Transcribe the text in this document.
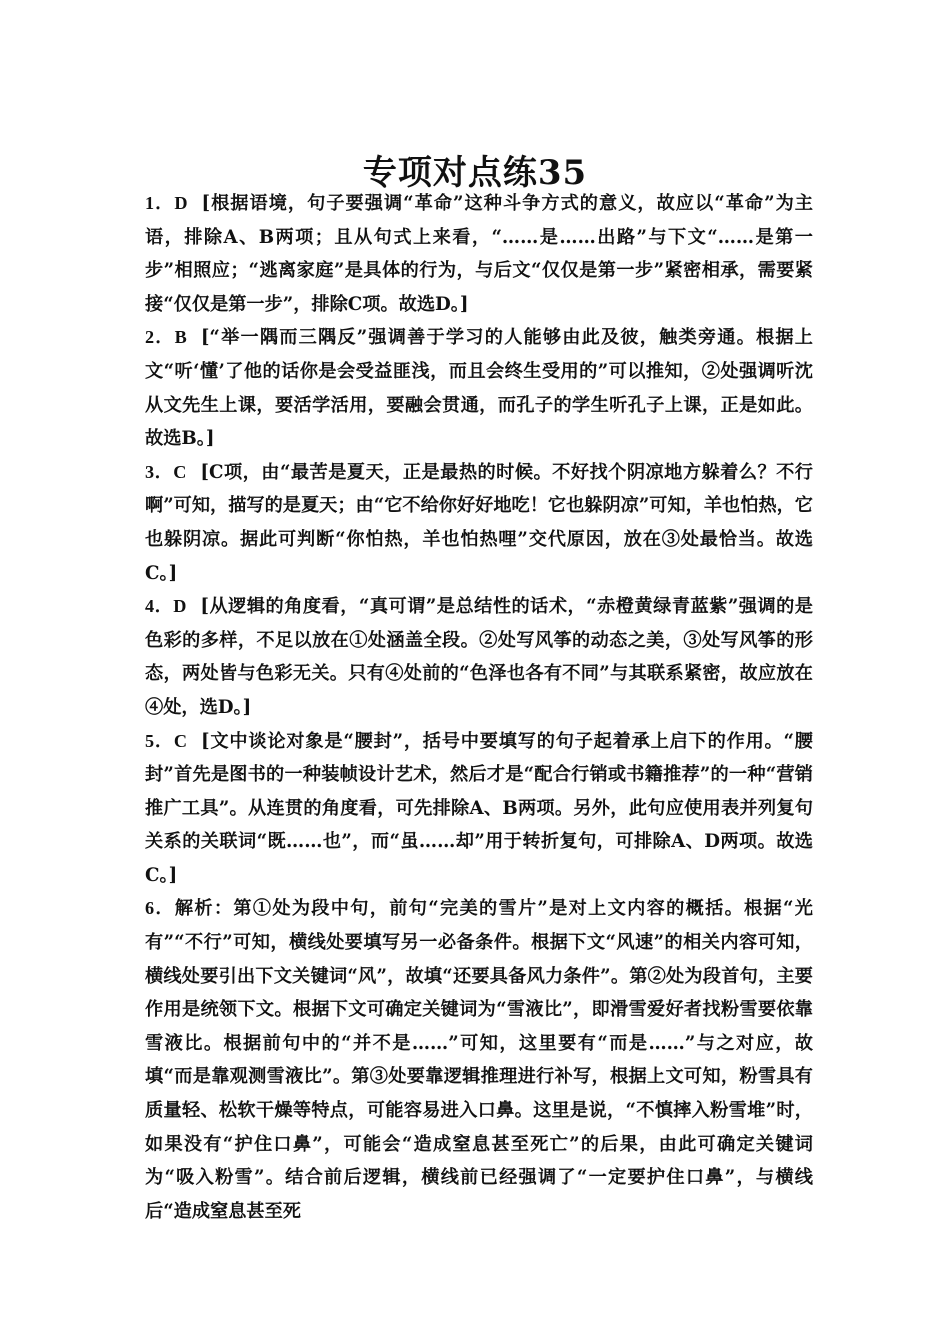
专项对点练35

1．D [根据语境，句子要强调“革命”这种斗争方式的意义，故应以“革命”为主语，排除A、B两项；且从句式上来看，“……是……出路”与下文“……是第一步”相照应；“逃离家庭”是具体的行为，与后文“仅仅是第一步”紧密相承，需要紧接“仅仅是第一步”，排除C项。故选D。]

2．B [“举一隅而三隅反”强调善于学习的人能够由此及彼，触类旁通。根据上文“听‘懂’了他的话你是会受益匪浅，而且会终生受用的”可以推知，②处强调听沈从文先生上课，要活学活用，要融会贯通，而孔子的学生听孔子上课，正是如此。故选B。]

3．C [C项，由“最苦是夏天，正是最热的时候。不好找个阴凉地方躲着么？不行啊”可知，描写的是夏天；由“它不给你好好地吃！它也躲阴凉”可知，羊也怕热，它也躲阴凉。据此可判断“你怕热，羊也怕热哩”交代原因，放在③处最恰当。故选C。]

4．D [从逻辑的角度看，“真可谓”是总结性的话术，“赤橙黄绿青蓝紫”强调的是色彩的多样，不足以放在①处涵盖全段。②处写风筝的动态之美，③处写风筝的形态，两处皆与色彩无关。只有④处前的“色泽也各有不同”与其联系紧密，故应放在④处，选D。]

5．C [文中谈论对象是“腰封”，括号中要填写的句子起着承上启下的作用。“腰封”首先是图书的一种装帧设计艺术，然后才是“配合行销或书籍推荐”的一种“营销推广工具”。从连贯的角度看，可先排除A、B两项。另外，此句应使用表并列复句关系的关联词“既……也”，而“虽……却”用于转折复句，可排除A、D两项。故选C。]

6．解析：第①处为段中句，前句“完美的雪片”是对上文内容的概括。根据“光有”“不行”可知，横线处要填写另一必备条件。根据下文“风速”的相关内容可知，横线处要引出下文关键词“风”，故填“还要具备风力条件”。第②处为段首句，主要作用是统领下文。根据下文可确定关键词为“雪液比”，即滑雪爱好者找粉雪要依靠雪液比。根据前句中的“并不是……”可知，这里要有“而是……”与之对应，故填“而是靠观测雪液比”。第③处要靠逻辑推理进行补写，根据上文可知，粉雪具有质量轻、松软干燥等特点，可能容易进入口鼻。这里是说，“不慎摔入粉雪堆”时，如果没有“护住口鼻”，可能会“造成窒息甚至死亡”的后果，由此可确定关键词为“吸入粉雪”。结合前后逻辑，横线前已经强调了“一定要护住口鼻”，与横线后“造成窒息甚至死
